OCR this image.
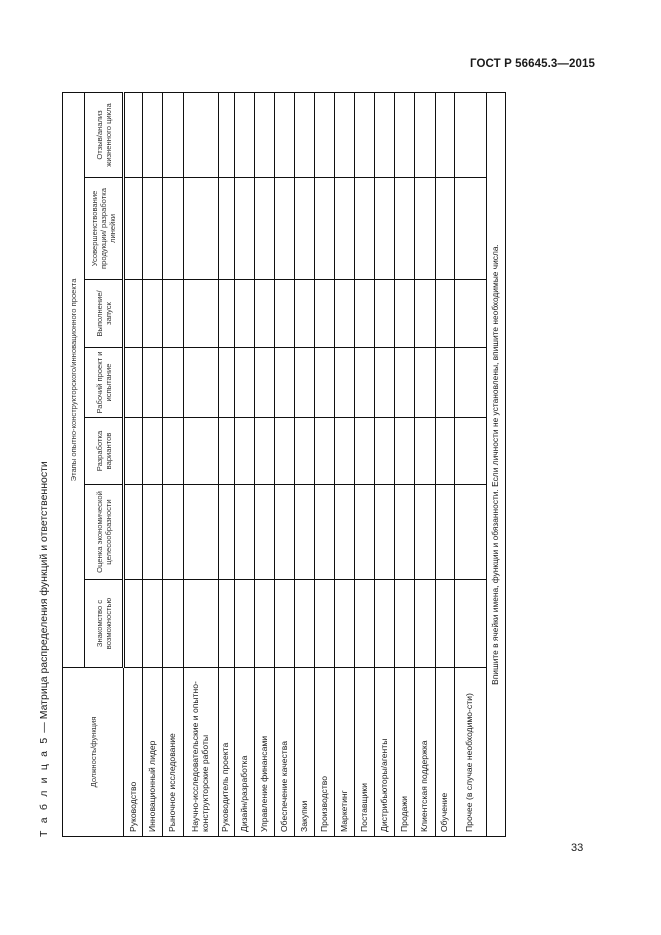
ГОСТ Р 56645.3—2015
Т а б л и ц а 5 — Матрица распределения функций и ответственности
Должность/функция	Этапы опытно-конструкторского/инновационного проекта						
	Знакомство с возможностью	Оценка экономической целесообразности	Разработка вариантов	Рабочий проект и испытание	Выполнение/ запуск	Усовершенствование продукции/ разработка линейки	Отзыв/анализ жизненного цикла
Руководство							
Инновационный лидер							
Рыночное исследование							
Научно-исследовательские и опытно-конструкторские работы							
Руководитель проекта							
Дизайн/разработка							
Управление финансами							
Обеспечение качества							
Закупки							
Производство							
Маркетинг							
Поставщики							
Дистрибьюторы/агенты							
Продажи							
Клиентская поддержка							
Обучение							
Прочее (в случае необходимо-сти)							
Впишите в ячейки имена, функции и обязанности. Если личности не установлены, впишите необходимые числа.							
33
